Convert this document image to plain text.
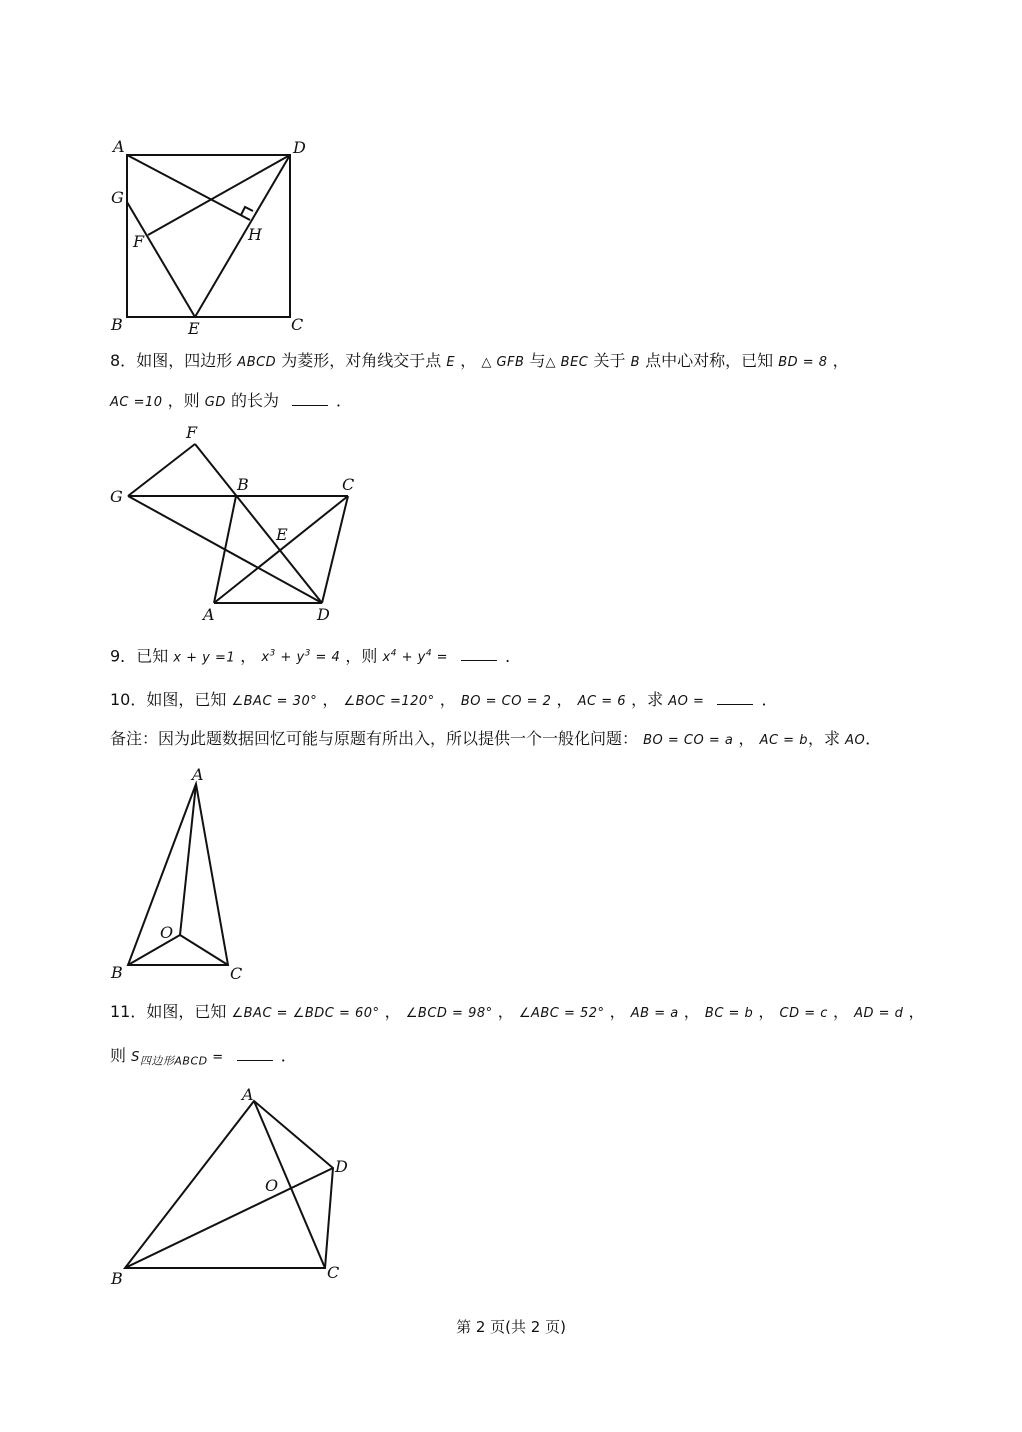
A	D
G
F	H
B	E	C
8．如图，四边形 ABCD 为菱形，对角线交于点 E ， △ GFB 与△ BEC 关于 B 点中心对称，已知 BD = 8 ，
AC =10 ，则 GD 的长为	．
F
G
B	C
E
A	D
9．已知 x + y =1 ， $x^3 + y^3 = 4$ ，则 $x^4 + y^4$ =	．
10．如图，已知 ∠BAC = 30° ， ∠BOC =120° ， BO = CO = 2 ， AC = 6 ，求 AO =	．
备注：因为此题数据回忆可能与原题有所出入，所以提供一个一般化问题： BO = CO = a ， AC = b，求 AO．
A
O
B	C
11．如图，已知 ∠BAC = ∠BDC = 60° ， ∠BCD = 98° ， ∠ABC = 52° ， AB = a ， BC = b ， CD = c ， AD = d ，
则 $S_{四边形ABCD}$ =	．
A
D
O
B	C
第 2 页(共 2 页)
